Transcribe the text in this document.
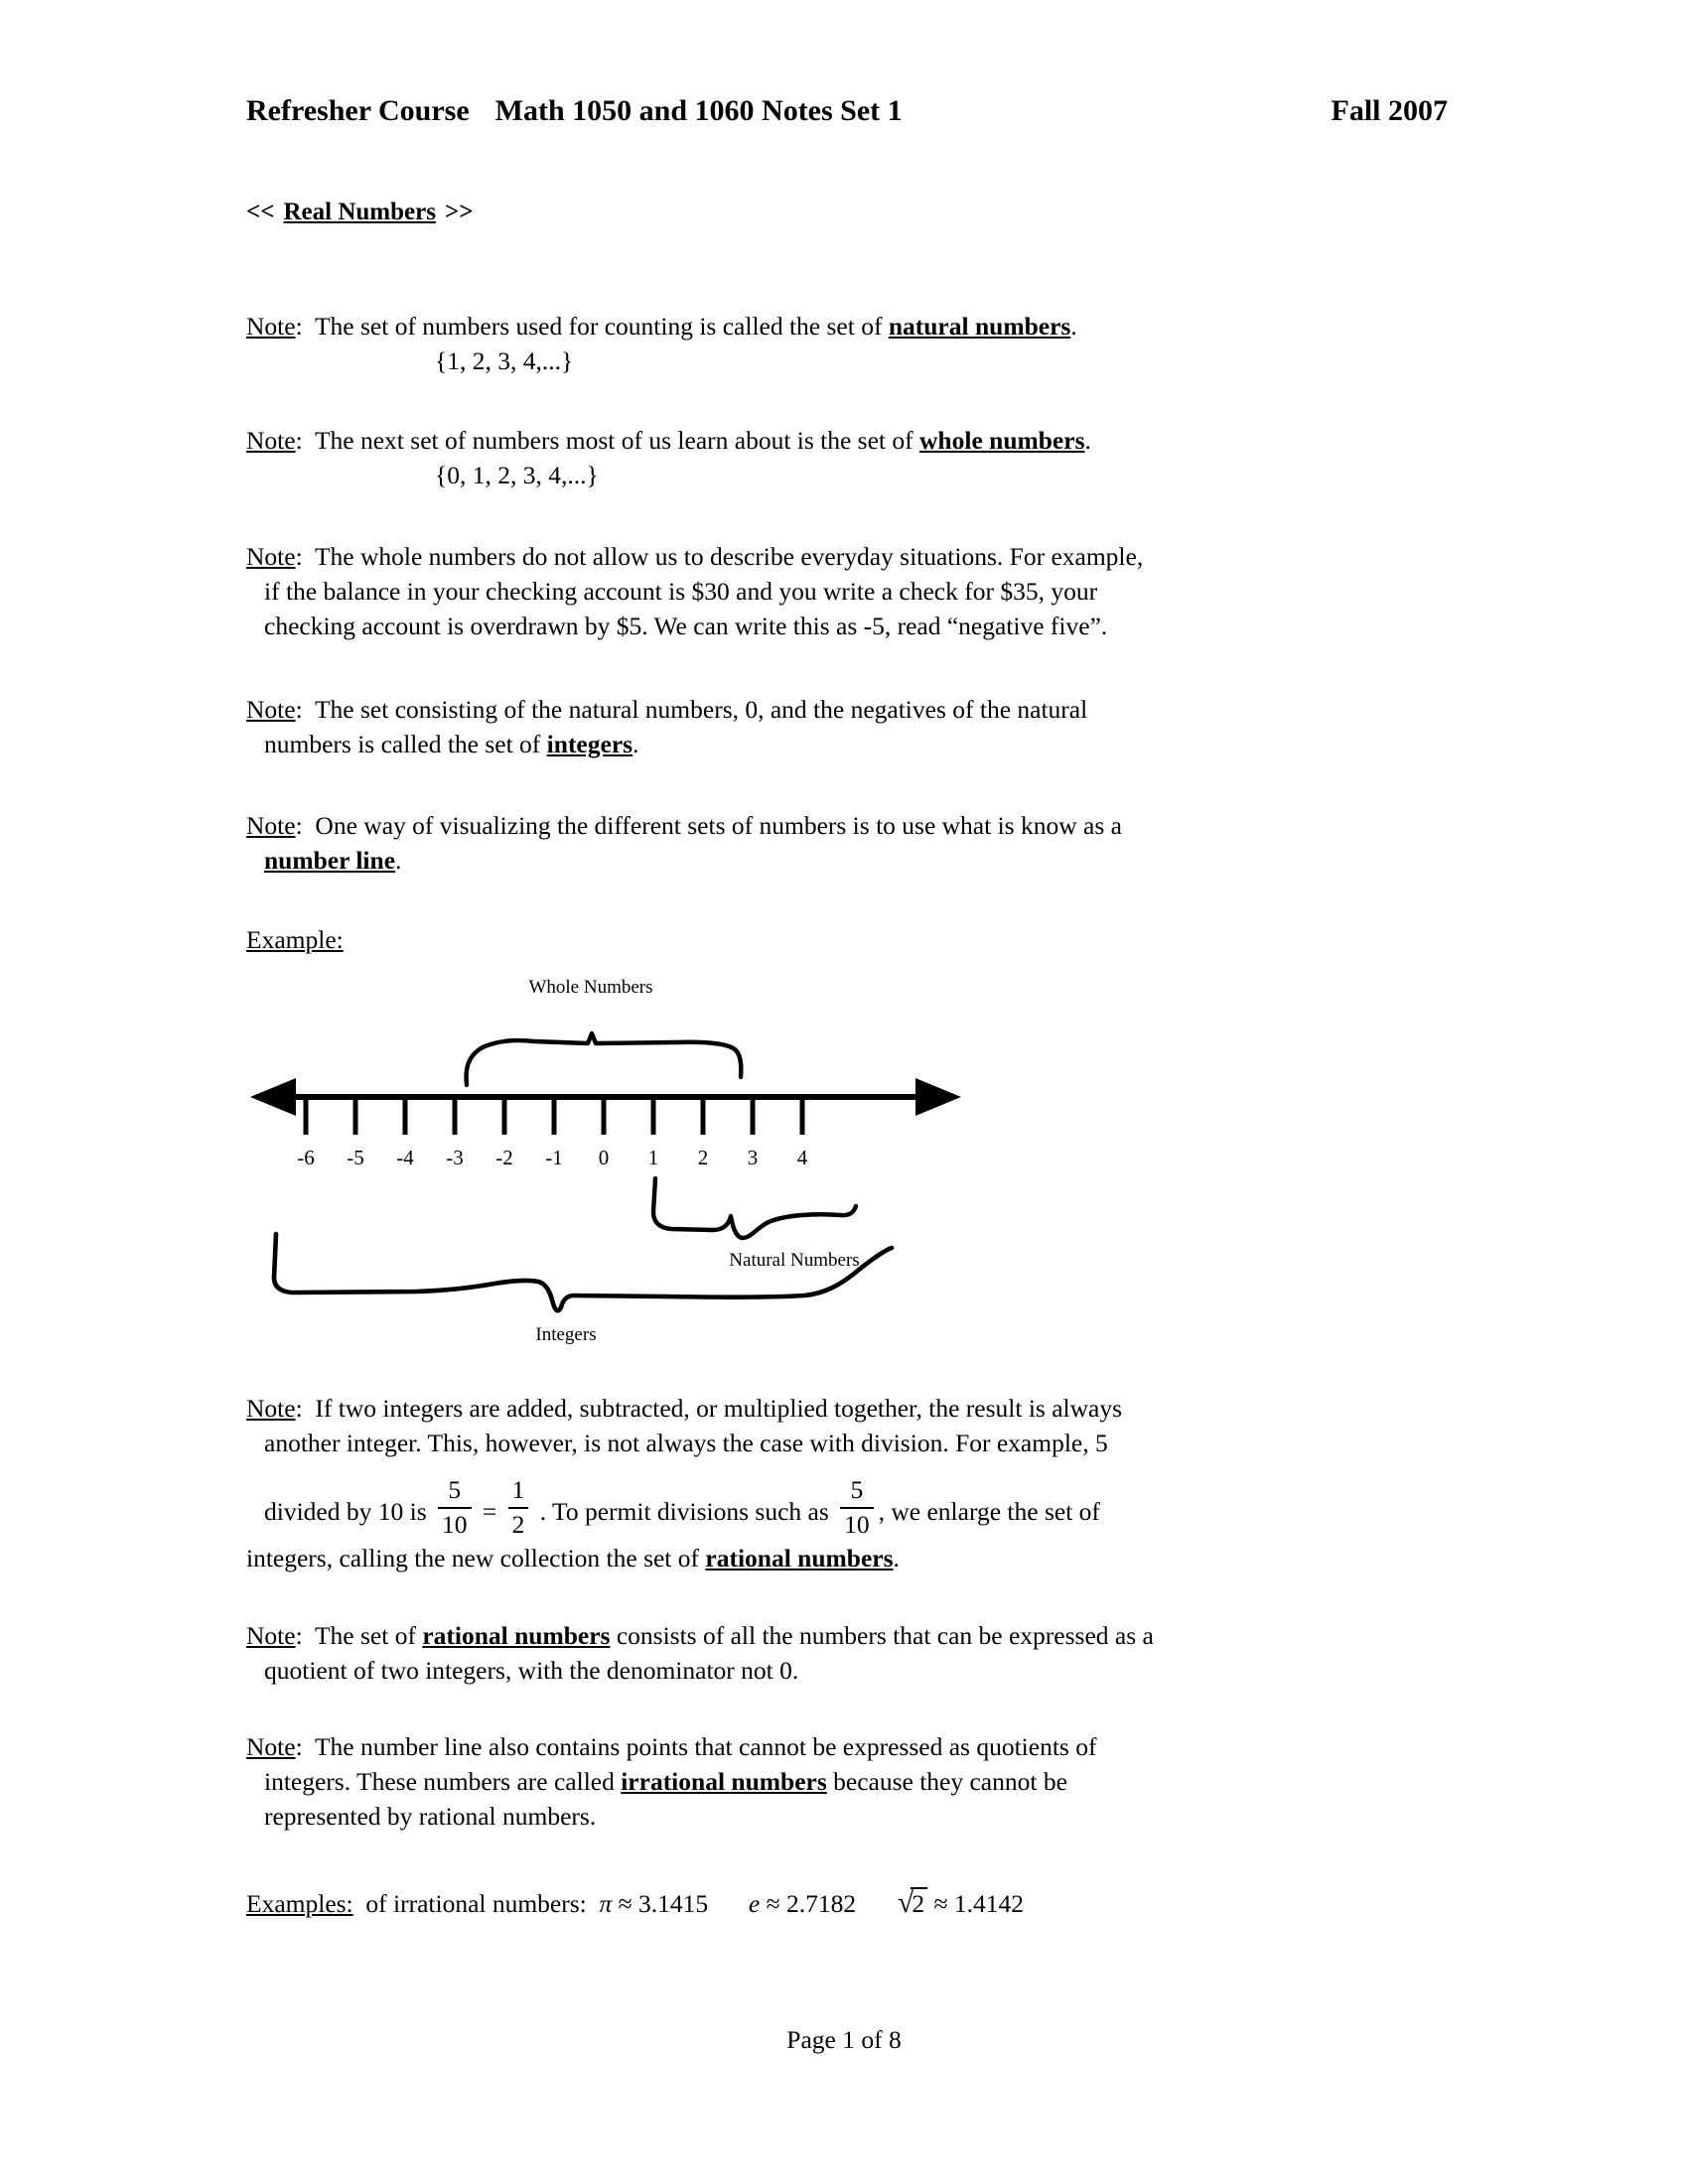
Fall 2007
Refresher Course Math 1050 and 1060 Notes Set 1
<< Real Numbers >>
Note: The set of numbers used for counting is called the set of natural numbers.
{1, 2, 3, 4,...}
Note: The next set of numbers most of us learn about is the set of whole numbers.
{0, 1, 2, 3, 4,...}
Note: The whole numbers do not allow us to describe everyday situations. For example,
if the balance in your checking account is $30 and you write a check for $35, your
checking account is overdrawn by $5. We can write this as -5, read “negative five”.
Note: The set consisting of the natural numbers, 0, and the negatives of the natural
numbers is called the set of integers.
Note: One way of visualizing the different sets of numbers is to use what is know as a
number line.
Example:
Whole Numbers
-6 -5 -4 -3 -2 -1 0 1 2 3 4
Natural Numbers
Integers
Note: If two integers are added, subtracted, or multiplied together, the result is always
another integer. This, however, is not always the case with division. For example, 5
divided by 10 is $\frac{5}{10} = \frac{1}{2}$ . To permit divisions such as $\frac{5}{10}$ , we enlarge the set of
integers, calling the new collection the set of rational numbers.
Note: The set of rational numbers consists of all the numbers that can be expressed as a
quotient of two integers, with the denominator not 0.
Note: The number line also contains points that cannot be expressed as quotients of
integers. These numbers are called irrational numbers because they cannot be
represented by rational numbers.
Examples: of irrational numbers: π ≈ 3.1415 e ≈ 2.7182 √2 ≈ 1.4142
Page 1 of 8
